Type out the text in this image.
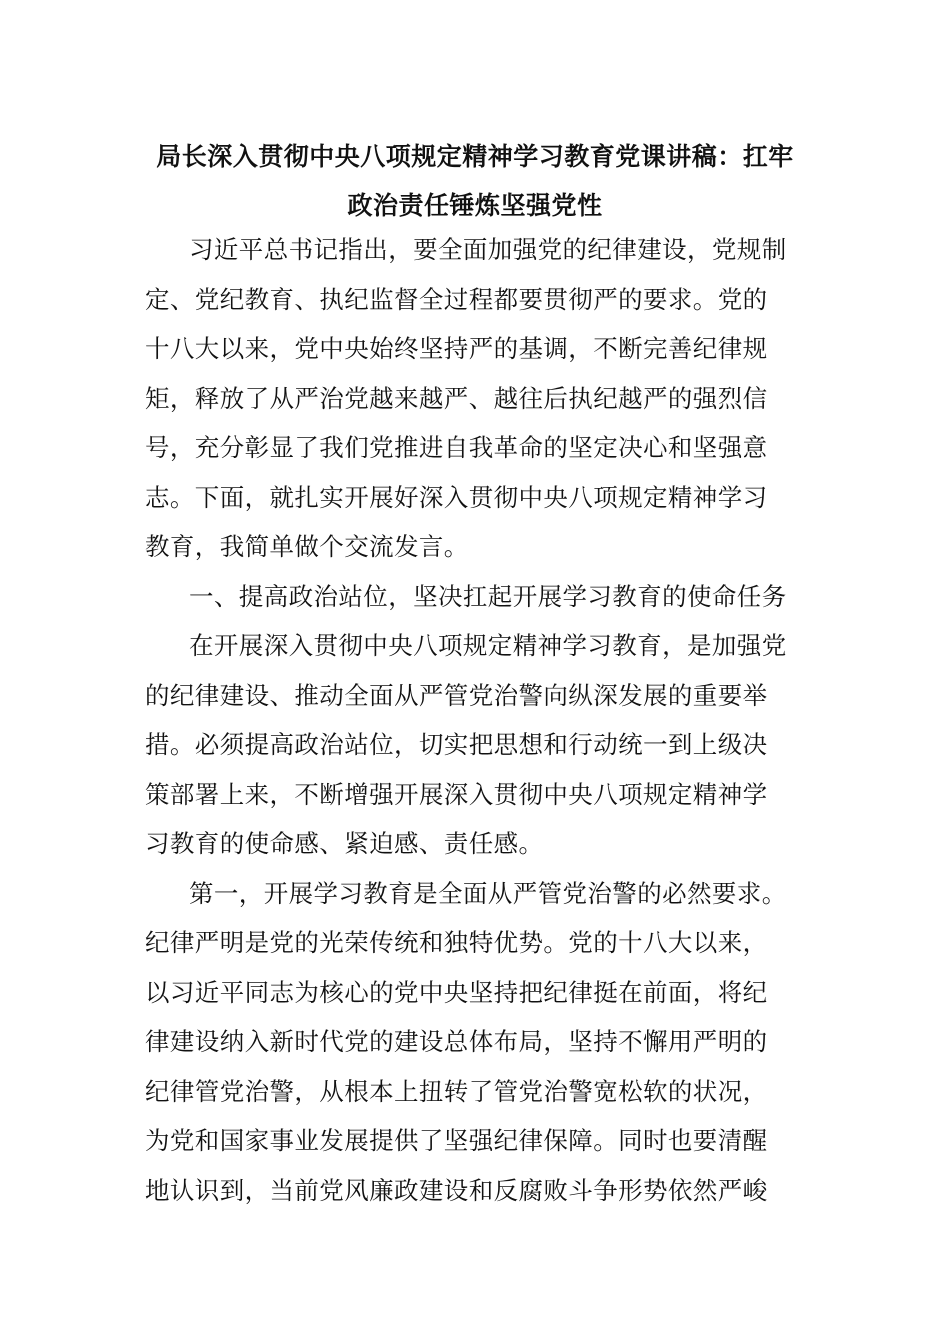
局长深入贯彻中央八项规定精神学习教育党课讲稿：扛牢
政治责任锤炼坚强党性
习近平总书记指出，要全面加强党的纪律建设，党规制
定、党纪教育、执纪监督全过程都要贯彻严的要求。党的
十八大以来，党中央始终坚持严的基调，不断完善纪律规
矩，释放了从严治党越来越严、越往后执纪越严的强烈信
号，充分彰显了我们党推进自我革命的坚定决心和坚强意
志。下面，就扎实开展好深入贯彻中央八项规定精神学习
教育，我简单做个交流发言。
一、提高政治站位，坚决扛起开展学习教育的使命任务
在开展深入贯彻中央八项规定精神学习教育，是加强党
的纪律建设、推动全面从严管党治警向纵深发展的重要举
措。必须提高政治站位，切实把思想和行动统一到上级决
策部署上来，不断增强开展深入贯彻中央八项规定精神学
习教育的使命感、紧迫感、责任感。
第一，开展学习教育是全面从严管党治警的必然要求。
纪律严明是党的光荣传统和独特优势。党的十八大以来，
以习近平同志为核心的党中央坚持把纪律挺在前面，将纪
律建设纳入新时代党的建设总体布局，坚持不懈用严明的
纪律管党治警，从根本上扭转了管党治警宽松软的状况，
为党和国家事业发展提供了坚强纪律保障。同时也要清醒
地认识到，当前党风廉政建设和反腐败斗争形势依然严峻
